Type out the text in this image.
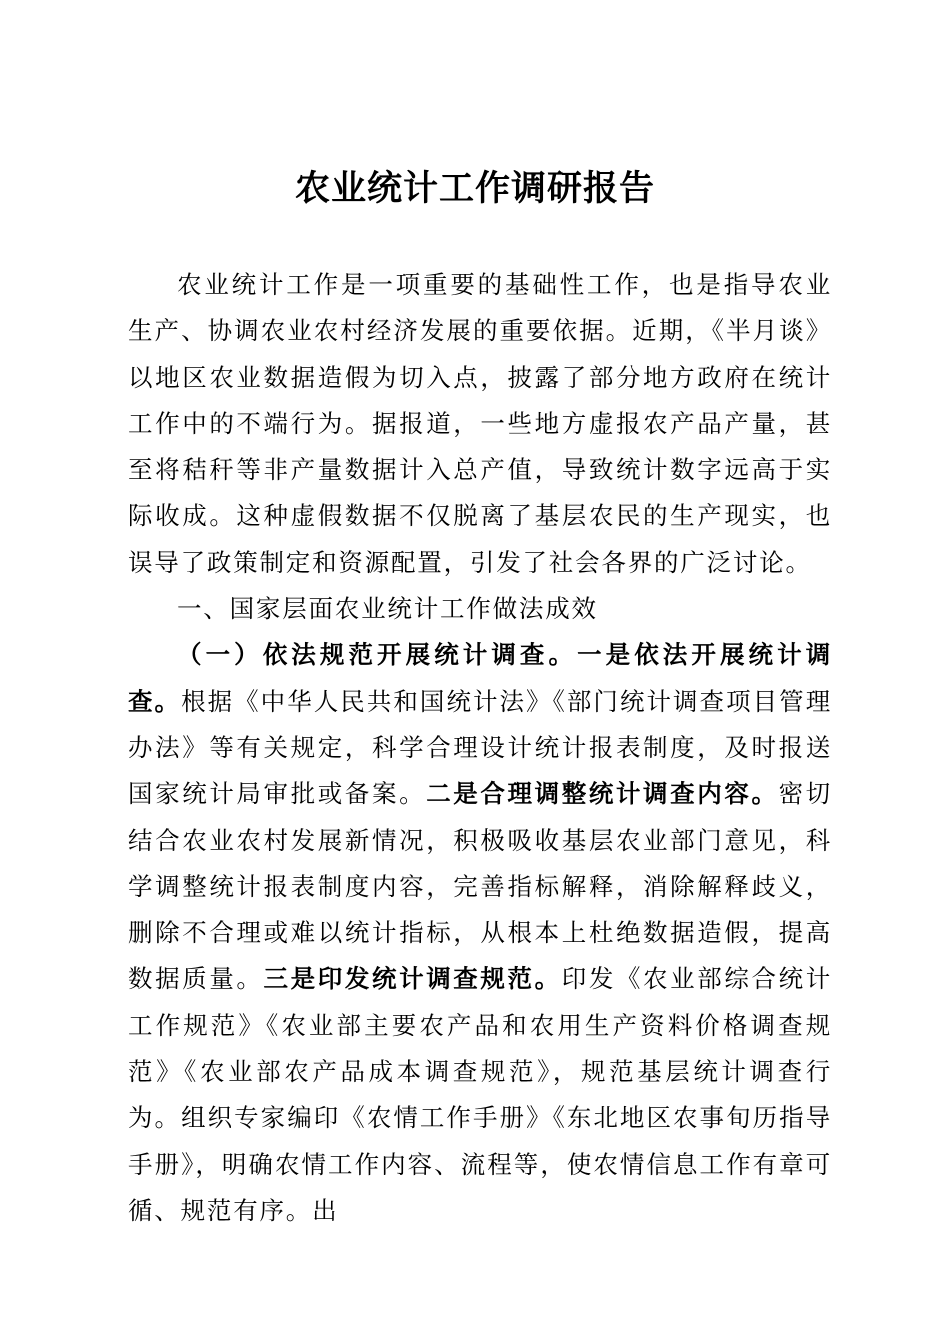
农业统计工作调研报告

农业统计工作是一项重要的基础性工作，也是指导农业生产、协调农业农村经济发展的重要依据。近期，《半月谈》以地区农业数据造假为切入点，披露了部分地方政府在统计工作中的不端行为。据报道，一些地方虚报农产品产量，甚至将秸秆等非产量数据计入总产值，导致统计数字远高于实际收成。这种虚假数据不仅脱离了基层农民的生产现实，也误导了政策制定和资源配置，引发了社会各界的广泛讨论。

一、国家层面农业统计工作做法成效

（一）依法规范开展统计调查。一是依法开展统计调查。根据《中华人民共和国统计法》《部门统计调查项目管理办法》等有关规定，科学合理设计统计报表制度，及时报送国家统计局审批或备案。二是合理调整统计调查内容。密切结合农业农村发展新情况，积极吸收基层农业部门意见，科学调整统计报表制度内容，完善指标解释，消除解释歧义，删除不合理或难以统计指标，从根本上杜绝数据造假，提高数据质量。三是印发统计调查规范。印发《农业部综合统计工作规范》《农业部主要农产品和农用生产资料价格调查规范》《农业部农产品成本调查规范》，规范基层统计调查行为。组织专家编印《农情工作手册》《东北地区农事旬历指导手册》，明确农情工作内容、流程等，使农情信息工作有章可循、规范有序。出
